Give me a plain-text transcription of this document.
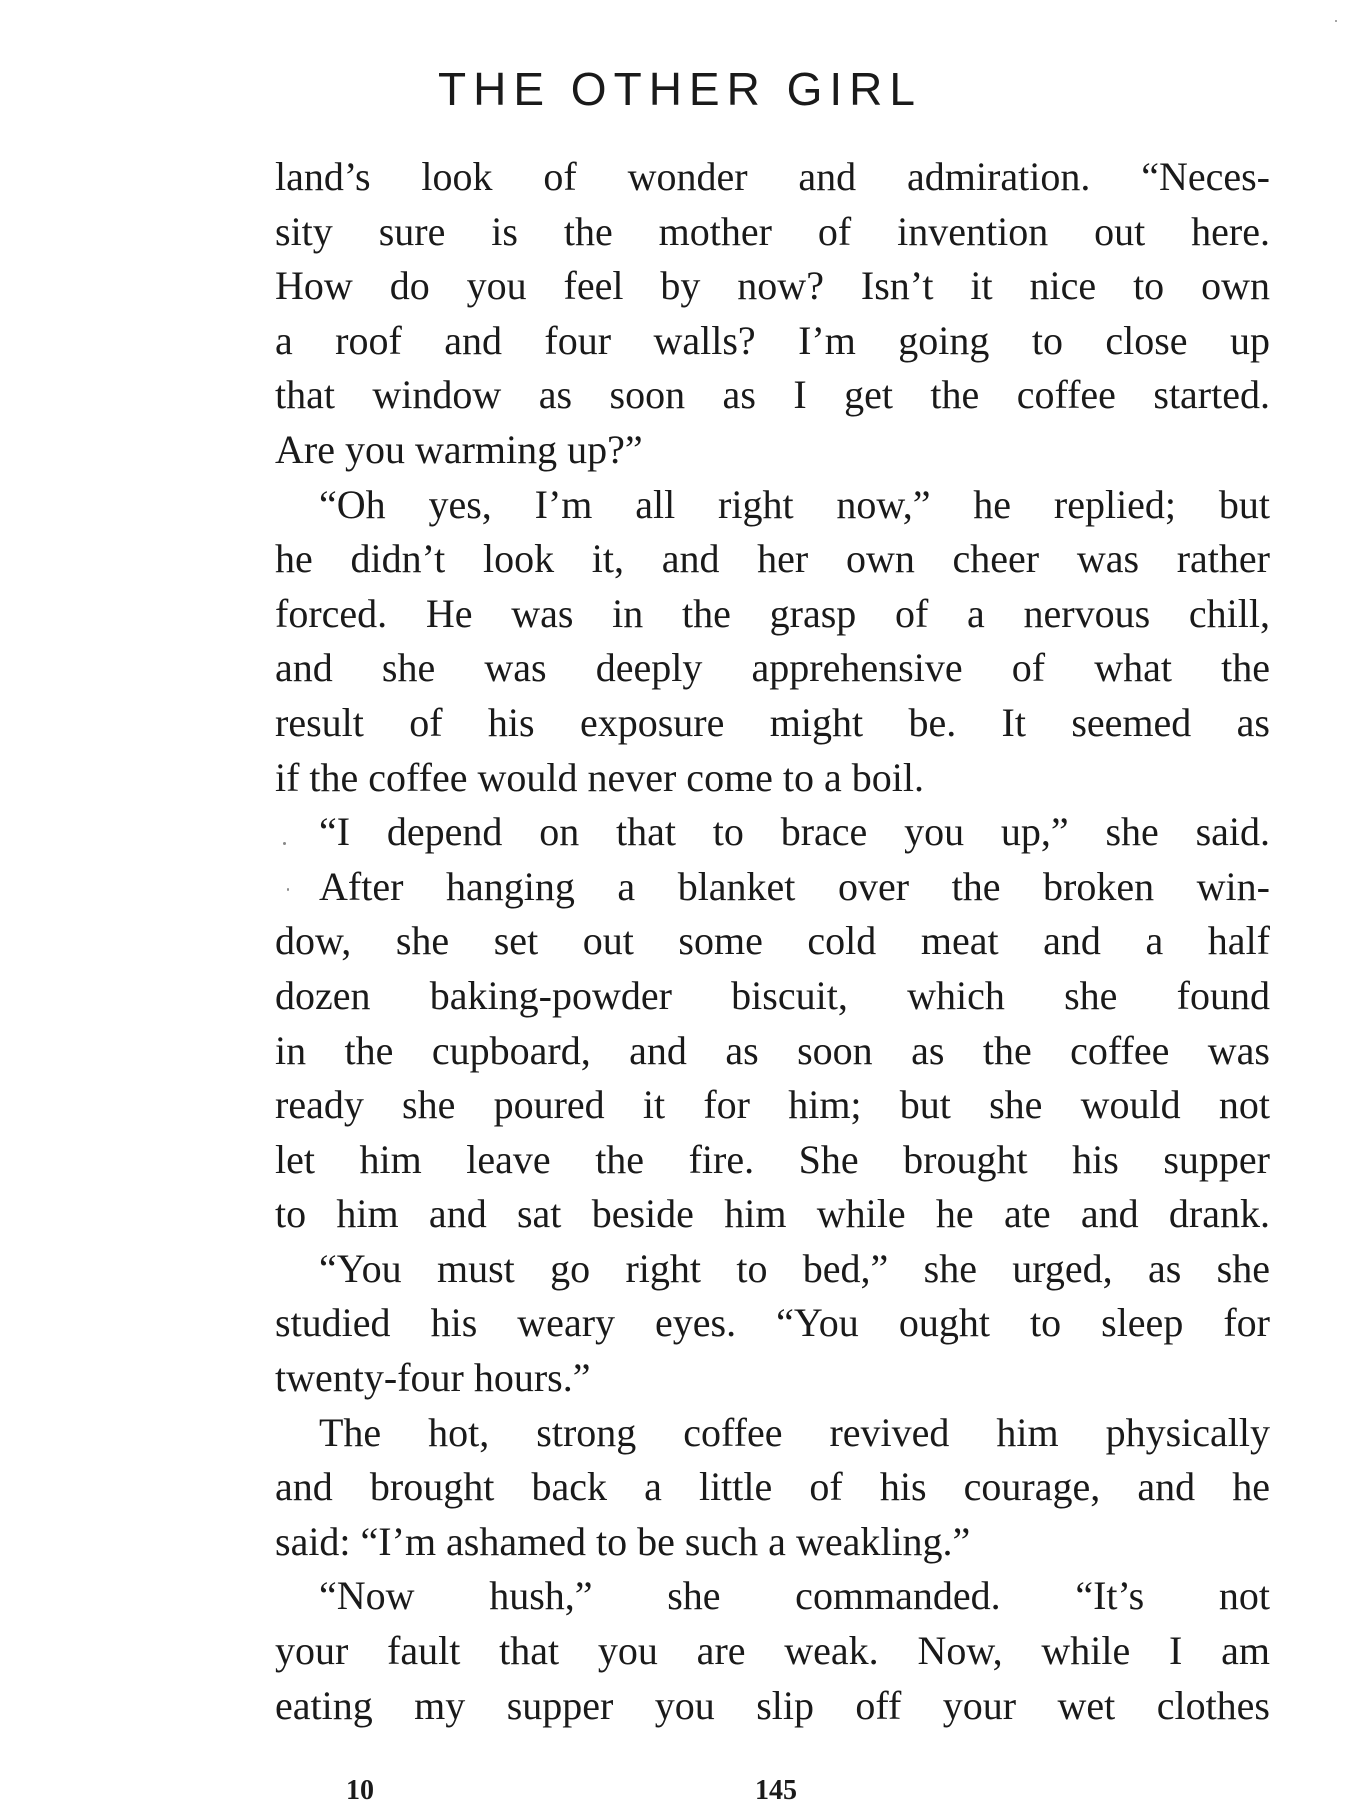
THE OTHER GIRL
land’s look of wonder and admiration. “Neces-
sity sure is the mother of invention out here.
How do you feel by now? Isn’t it nice to own
a roof and four walls? I’m going to close up
that window as soon as I get the coffee started.
Are you warming up?”
“Oh yes, I’m all right now,” he replied; but
he didn’t look it, and her own cheer was rather
forced. He was in the grasp of a nervous chill,
and she was deeply apprehensive of what the
result of his exposure might be. It seemed as
if the coffee would never come to a boil.
“I depend on that to brace you up,” she said.
After hanging a blanket over the broken win-
dow, she set out some cold meat and a half
dozen baking-powder biscuit, which she found
in the cupboard, and as soon as the coffee was
ready she poured it for him; but she would not
let him leave the fire. She brought his supper
to him and sat beside him while he ate and drank.
“You must go right to bed,” she urged, as she
studied his weary eyes. “You ought to sleep for
twenty-four hours.”
The hot, strong coffee revived him physically
and brought back a little of his courage, and he
said: “I’m ashamed to be such a weakling.”
“Now hush,” she commanded. “It’s not
your fault that you are weak. Now, while I am
eating my supper you slip off your wet clothes
10	145
